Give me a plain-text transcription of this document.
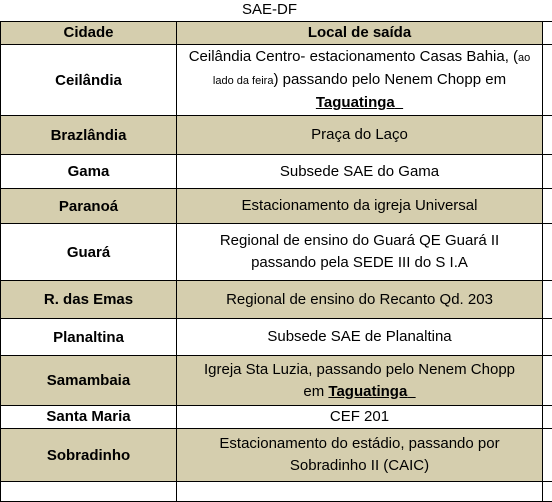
SAE-DF
Cidade	Local de saída	
Ceilândia	Ceilândia Centro- estacionamento Casas Bahia, (ao lado da feira) passando pelo Nenem Chopp em Taguatinga	
Brazlândia	Praça do Laço	
Gama	Subsede SAE do Gama	
Paranoá	Estacionamento da igreja Universal	
Guará	Regional de ensino do Guará QE Guará II
passando pela SEDE III do S I.A	

R. das Emas	Regional de ensino do Recanto Qd. 203	
Planaltina	Subsede SAE de Planaltina	
Samambaia	Igreja Sta Luzia, passando pelo Nenem Chopp
em Taguatinga	

Santa Maria	CEF 201	
Sobradinho	Estacionamento do estádio, passando por
Sobradinho II (CAIC)	
